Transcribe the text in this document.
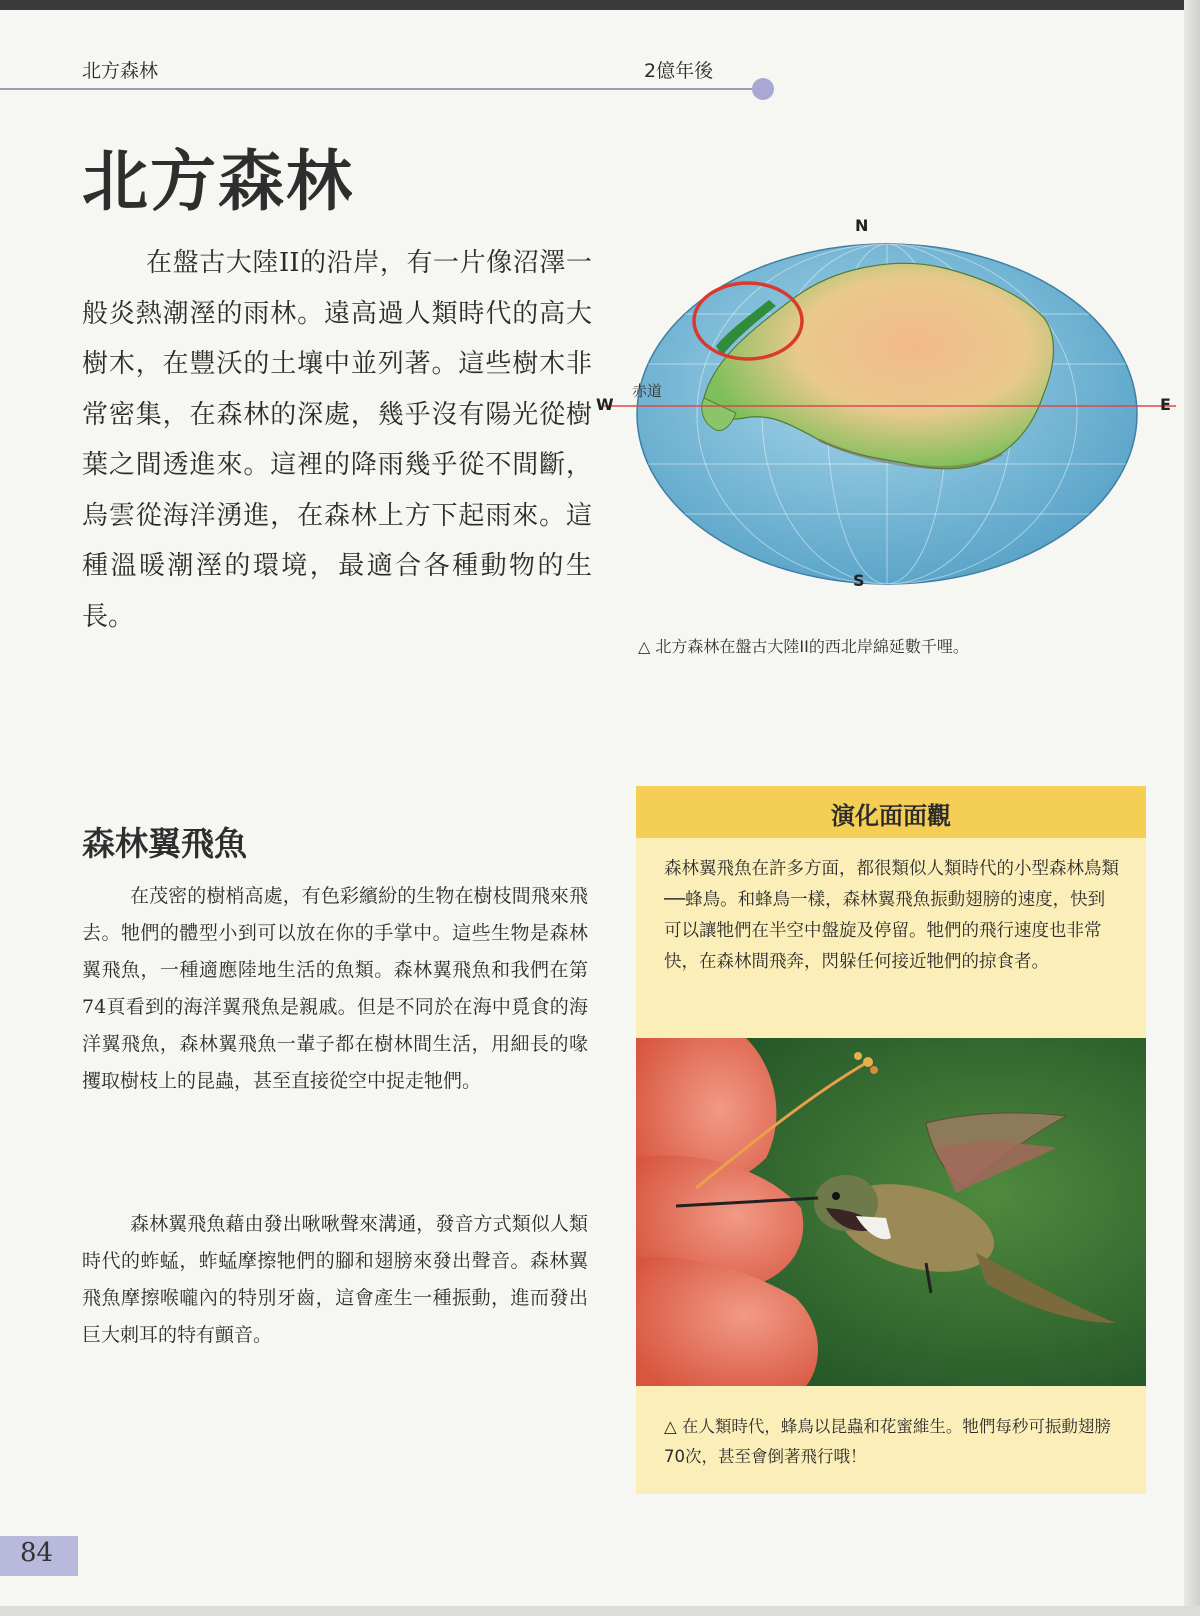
北方森林	2億年後
北方森林

在盤古大陸II的沿岸，有一片像沼澤一般炎熱潮溼的雨林。遠高過人類時代的高大樹木，在豐沃的土壤中並列著。這些樹木非常密集，在森林的深處，幾乎沒有陽光從樹葉之間透進來。這裡的降雨幾乎從不間斷，烏雲從海洋湧進，在森林上方下起雨來。這種溫暖潮溼的環境，最適合各種動物的生長。

N
S
W	E
赤道
△ 北方森林在盤古大陸II的西北岸綿延數千哩。
森林翼飛魚

在茂密的樹梢高處，有色彩繽紛的生物在樹枝間飛來飛去。牠們的體型小到可以放在你的手掌中。這些生物是森林翼飛魚，一種適應陸地生活的魚類。森林翼飛魚和我們在第74頁看到的海洋翼飛魚是親戚。但是不同於在海中覓食的海洋翼飛魚，森林翼飛魚一輩子都在樹林間生活，用細長的喙攫取樹枝上的昆蟲，甚至直接從空中捉走牠們。

森林翼飛魚藉由發出啾啾聲來溝通，發音方式類似人類時代的蚱蜢，蚱蜢摩擦牠們的腳和翅膀來發出聲音。森林翼飛魚摩擦喉嚨內的特別牙齒，這會產生一種振動，進而發出巨大刺耳的特有顫音。

演化面面觀

森林翼飛魚在許多方面，都很類似人類時代的小型森林鳥類──蜂鳥。和蜂鳥一樣，森林翼飛魚振動翅膀的速度，快到可以讓牠們在半空中盤旋及停留。牠們的飛行速度也非常快，在森林間飛奔，閃躲任何接近牠們的掠食者。

△ 在人類時代，蜂鳥以昆蟲和花蜜維生。牠們每秒可振動翅膀70次，甚至會倒著飛行哦！

84
